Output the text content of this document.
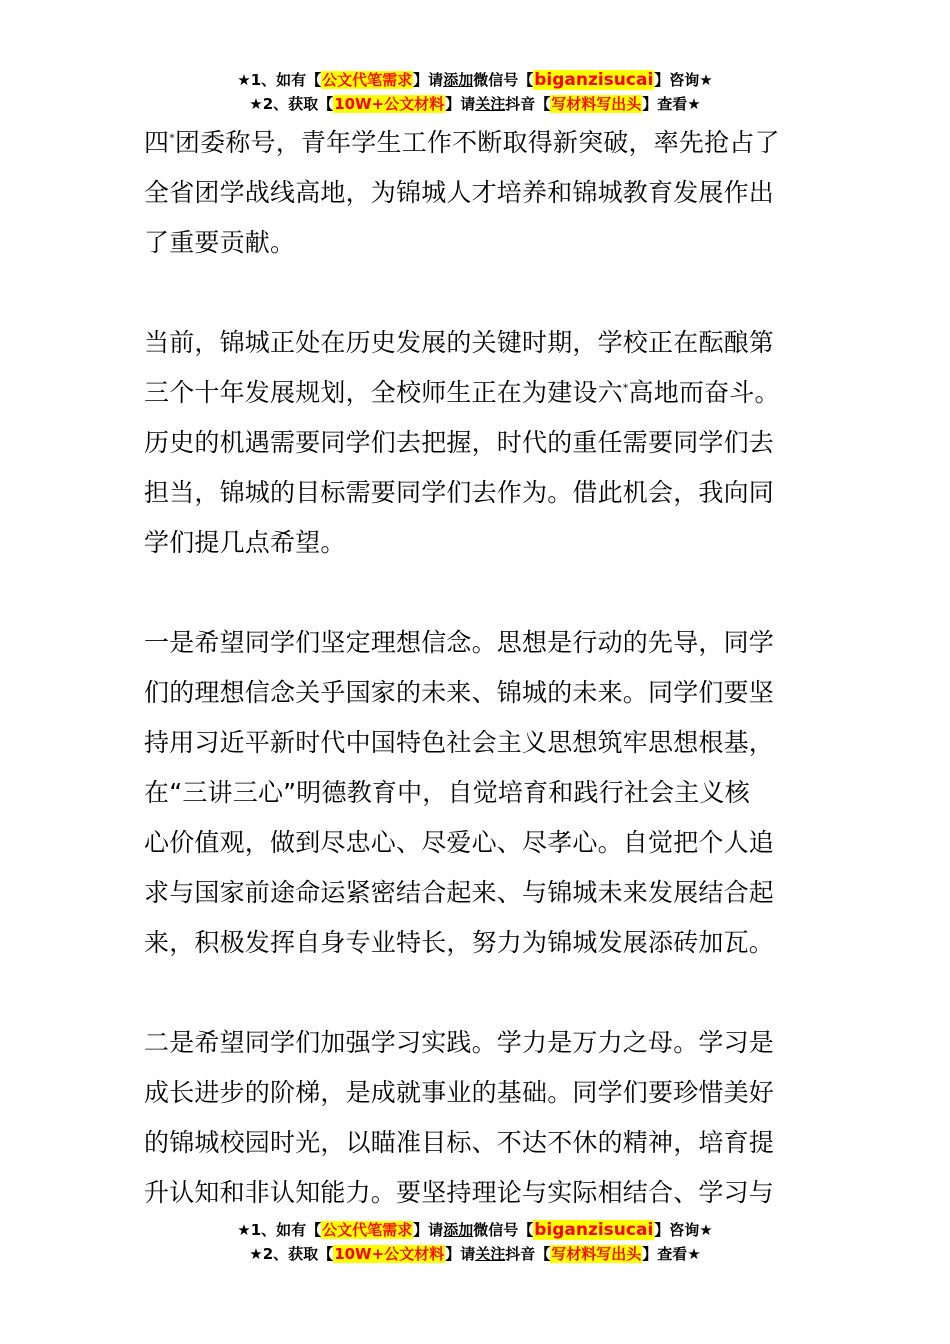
★1、如有【公文代笔需求】请添加微信号【biganzisucai】咨询★
★2、获取【10W+公文材料】请关注抖音【写材料写出头】查看★
四*团委称号，青年学生工作不断取得新突破，率先抢占了
全省团学战线高地，为锦城人才培养和锦城教育发展作出
了重要贡献。
当前，锦城正处在历史发展的关键时期，学校正在酝酿第
三个十年发展规划，全校师生正在为建设六*高地而奋斗。
历史的机遇需要同学们去把握，时代的重任需要同学们去
担当，锦城的目标需要同学们去作为。借此机会，我向同
学们提几点希望。
一是希望同学们坚定理想信念。思想是行动的先导，同学
们的理想信念关乎国家的未来、锦城的未来。同学们要坚
持用习近平新时代中国特色社会主义思想筑牢思想根基，
在“三讲三心”明德教育中，自觉培育和践行社会主义核
心价值观，做到尽忠心、尽爱心、尽孝心。自觉把个人追
求与国家前途命运紧密结合起来、与锦城未来发展结合起
来，积极发挥自身专业特长，努力为锦城发展添砖加瓦。
二是希望同学们加强学习实践。学力是万力之母。学习是
成长进步的阶梯，是成就事业的基础。同学们要珍惜美好
的锦城校园时光，以瞄准目标、不达不休的精神，培育提
升认知和非认知能力。要坚持理论与实际相结合、学习与
★1、如有【公文代笔需求】请添加微信号【biganzisucai】咨询★
★2、获取【10W+公文材料】请关注抖音【写材料写出头】查看★
